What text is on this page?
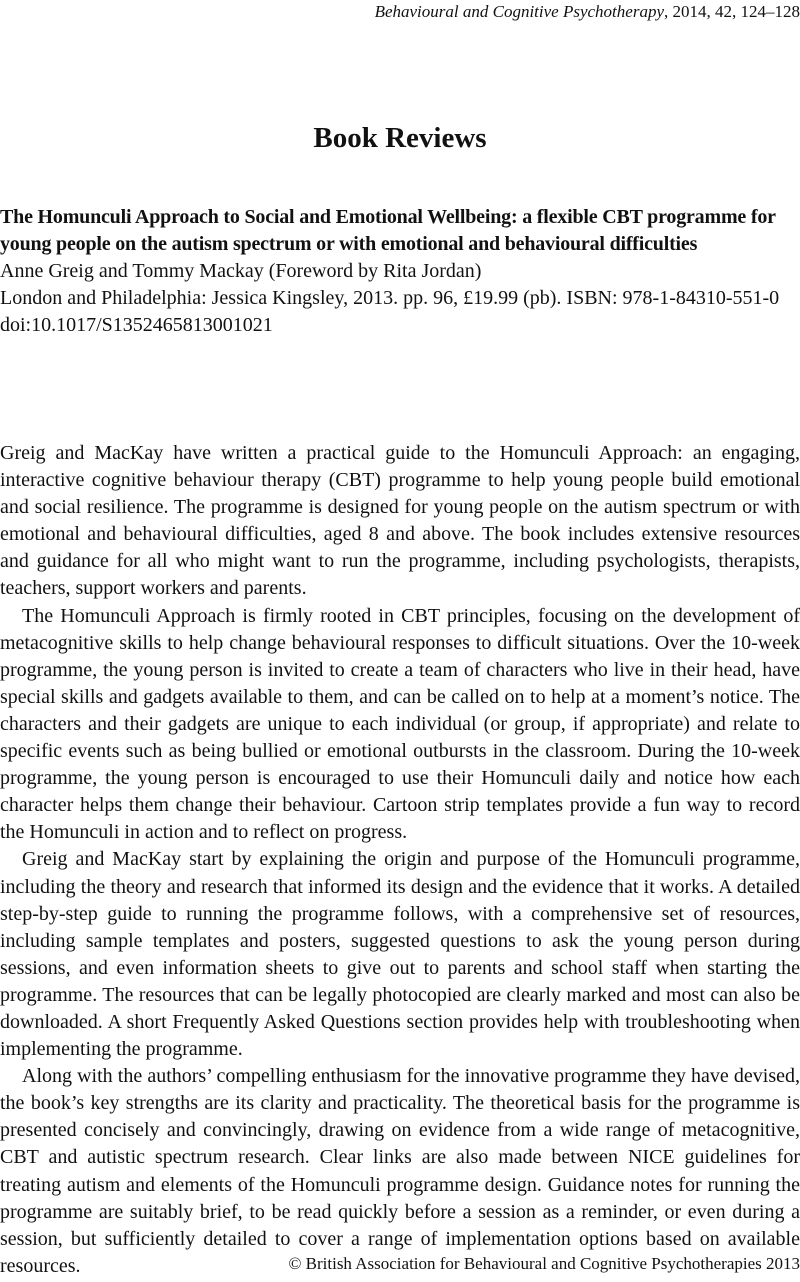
Behavioural and Cognitive Psychotherapy, 2014, 42, 124–128
Book Reviews

The Homunculi Approach to Social and Emotional Wellbeing: a flexible CBT programme for young people on the autism spectrum or with emotional and behavioural difficulties

Anne Greig and Tommy Mackay (Foreword by Rita Jordan)

London and Philadelphia: Jessica Kingsley, 2013. pp. 96, £19.99 (pb). ISBN: 978-1-84310-551-0

doi:10.1017/S1352465813001021

Greig and MacKay have written a practical guide to the Homunculi Approach: an engaging, interactive cognitive behaviour therapy (CBT) programme to help young people build emotional and social resilience. The programme is designed for young people on the autism spectrum or with emotional and behavioural difficulties, aged 8 and above. The book includes extensive resources and guidance for all who might want to run the programme, including psychologists, therapists, teachers, support workers and parents.

The Homunculi Approach is firmly rooted in CBT principles, focusing on the development of metacognitive skills to help change behavioural responses to difficult situations. Over the 10-week programme, the young person is invited to create a team of characters who live in their head, have special skills and gadgets available to them, and can be called on to help at a moment’s notice. The characters and their gadgets are unique to each individual (or group, if appropriate) and relate to specific events such as being bullied or emotional outbursts in the classroom. During the 10-week programme, the young person is encouraged to use their Homunculi daily and notice how each character helps them change their behaviour. Cartoon strip templates provide a fun way to record the Homunculi in action and to reflect on progress.

Greig and MacKay start by explaining the origin and purpose of the Homunculi programme, including the theory and research that informed its design and the evidence that it works. A detailed step-by-step guide to running the programme follows, with a comprehensive set of resources, including sample templates and posters, suggested questions to ask the young person during sessions, and even information sheets to give out to parents and school staff when starting the programme. The resources that can be legally photocopied are clearly marked and most can also be downloaded. A short Frequently Asked Questions section provides help with troubleshooting when implementing the programme.

Along with the authors’ compelling enthusiasm for the innovative programme they have devised, the book’s key strengths are its clarity and practicality. The theoretical basis for the programme is presented concisely and convincingly, drawing on evidence from a wide range of metacognitive, CBT and autistic spectrum research. Clear links are also made between NICE guidelines for treating autism and elements of the Homunculi programme design. Guidance notes for running the programme are suitably brief, to be read quickly before a session as a reminder, or even during a session, but sufficiently detailed to cover a range of implementation options based on available resources.	© British Association for Behavioural and Cognitive Psychotherapies 2013
